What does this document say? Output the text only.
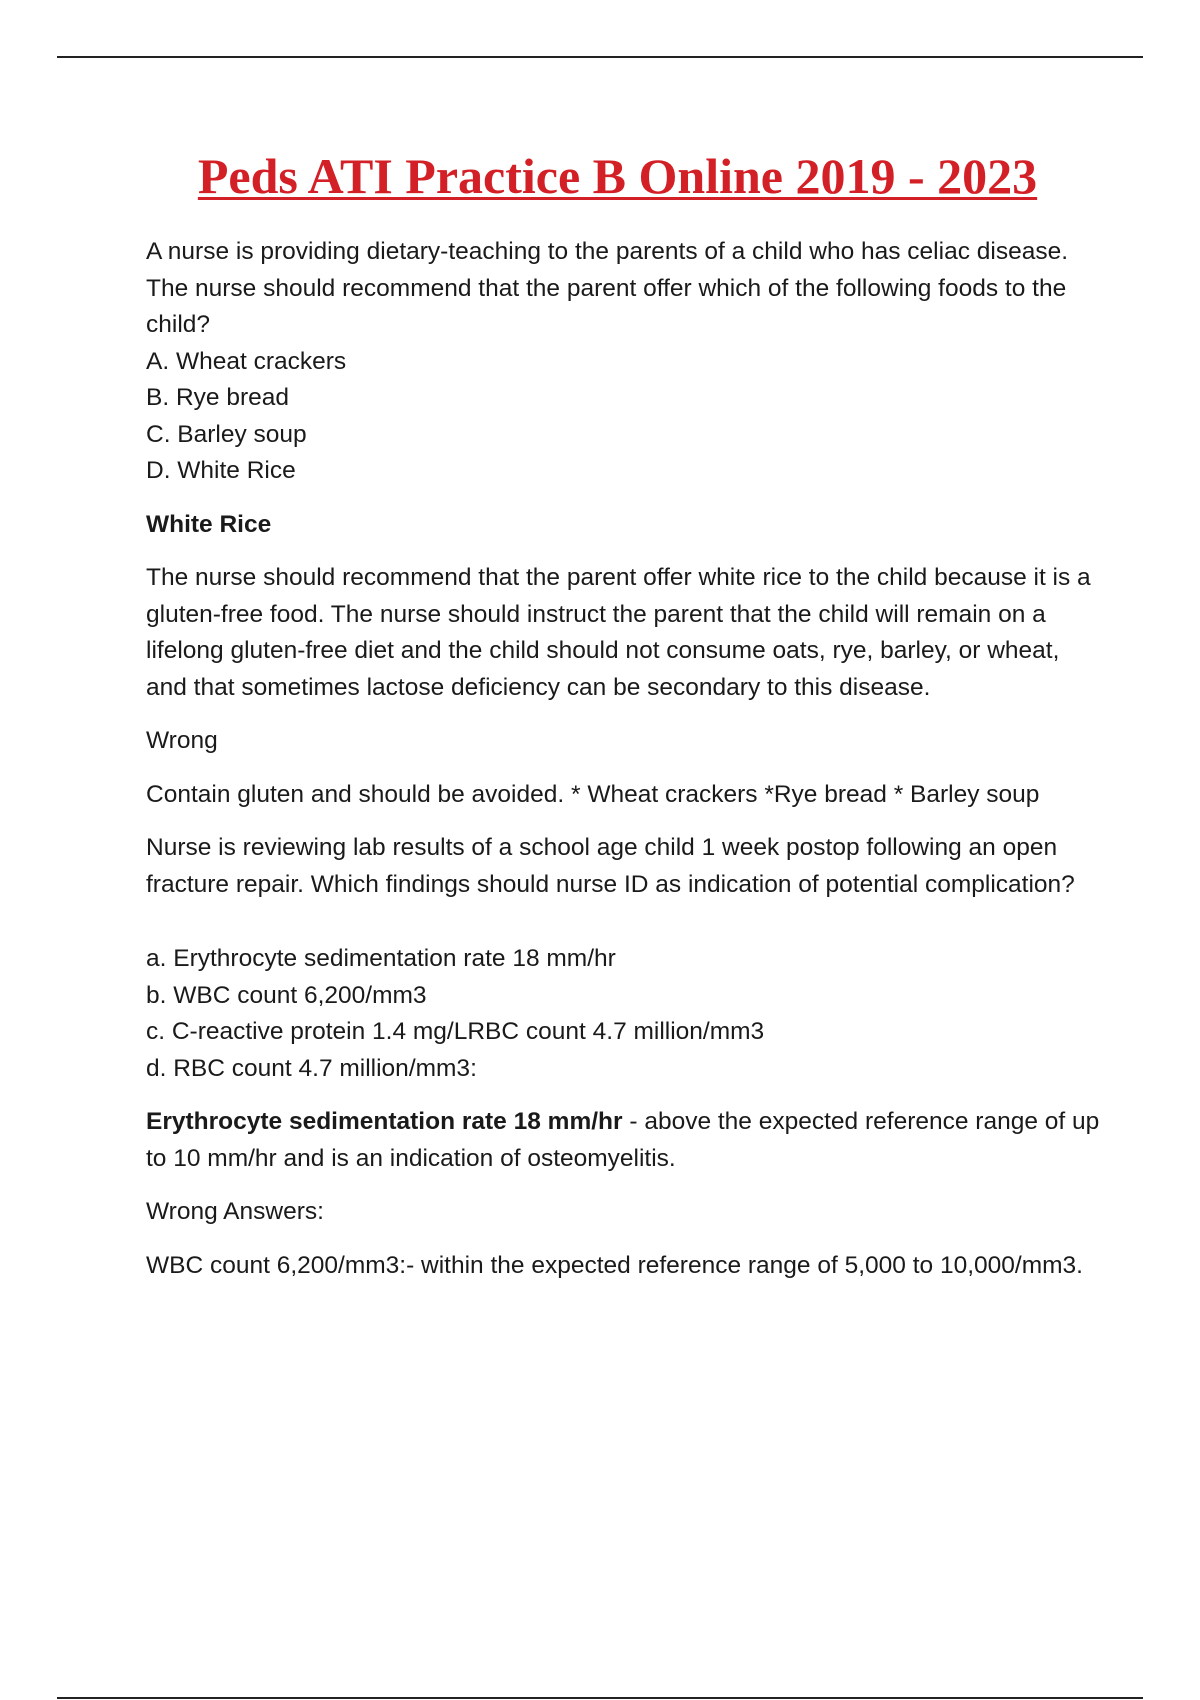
Peds ATI Practice B Online 2019 - 2023

A nurse is providing dietary-teaching to the parents of a child who has celiac disease. The nurse should recommend that the parent offer which of the following foods to the child?

A. Wheat crackers

B. Rye bread

C. Barley soup

D. White Rice

White Rice

The nurse should recommend that the parent offer white rice to the child because it is a gluten-free food. The nurse should instruct the parent that the child will remain on a lifelong gluten-free diet and the child should not consume oats, rye, barley, or wheat, and that sometimes lactose deficiency can be secondary to this disease.

Wrong

Contain gluten and should be avoided. * Wheat crackers *Rye bread * Barley soup

Nurse is reviewing lab results of a school age child 1 week postop following an open fracture repair. Which findings should nurse ID as indication of potential complication?

a. Erythrocyte sedimentation rate 18 mm/hr

b. WBC count 6,200/mm3

c. C-reactive protein 1.4 mg/LRBC count 4.7 million/mm3

d. RBC count 4.7 million/mm3:

Erythrocyte sedimentation rate 18 mm/hr - above the expected reference range of up to 10 mm/hr and is an indication of osteomyelitis.

Wrong Answers:

WBC count 6,200/mm3:- within the expected reference range of 5,000 to 10,000/mm3.
